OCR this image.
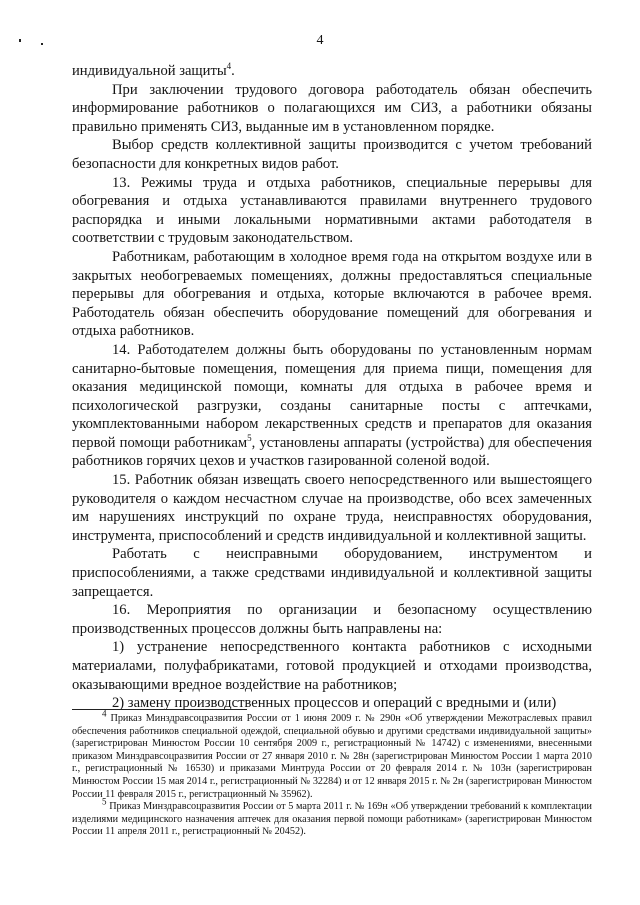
4

индивидуальной защиты$^4$.

При заключении трудового договора работодатель обязан обеспечить информирование работников о полагающихся им СИЗ, а работники обязаны правильно применять СИЗ, выданные им в установленном порядке.

Выбор средств коллективной защиты производится с учетом требований безопасности для конкретных видов работ.

13. Режимы труда и отдыха работников, специальные перерывы для обогревания и отдыха устанавливаются правилами внутреннего трудового распорядка и иными локальными нормативными актами работодателя в соответствии с трудовым законодательством.

Работникам, работающим в холодное время года на открытом воздухе или в закрытых необогреваемых помещениях, должны предоставляться специальные перерывы для обогревания и отдыха, которые включаются в рабочее время. Работодатель обязан обеспечить оборудование помещений для обогревания и отдыха работников.

14. Работодателем должны быть оборудованы по установленным нормам санитарно-бытовые помещения, помещения для приема пищи, помещения для оказания медицинской помощи, комнаты для отдыха в рабочее время и психологической разгрузки, созданы санитарные посты с аптечками, укомплектованными набором лекарственных средств и препаратов для оказания первой помощи работникам$^5$, установлены аппараты (устройства) для обеспечения работников горячих цехов и участков газированной соленой водой.

15. Работник обязан извещать своего непосредственного или вышестоящего руководителя о каждом несчастном случае на производстве, обо всех замеченных им нарушениях инструкций по охране труда, неисправностях оборудования, инструмента, приспособлений и средств индивидуальной и коллективной защиты.

Работать с неисправными оборудованием, инструментом и приспособлениями, а также средствами индивидуальной и коллективной защиты запрещается.

16. Мероприятия по организации и безопасному осуществлению производственных процессов должны быть направлены на:

1) устранение непосредственного контакта работников с исходными материалами, полуфабрикатами, готовой продукцией и отходами производства, оказывающими вредное воздействие на работников;

2) замену производственных процессов и операций с вредными и (или)

$^4$ Приказ Минздравсоцразвития России от 1 июня 2009 г. № 290н «Об утверждении Межотраслевых правил обеспечения работников специальной одеждой, специальной обувью и другими средствами индивидуальной защиты» (зарегистрирован Минюстом России 10 сентября 2009 г., регистрационный № 14742) с изменениями, внесенными приказом Минздравсоцразвития России от 27 января 2010 г. № 28н (зарегистрирован Минюстом России 1 марта 2010 г., регистрационный № 16530) и приказами Минтруда России от 20 февраля 2014 г. № 103н (зарегистрирован Минюстом России 15 мая 2014 г., регистрационный № 32284) и от 12 января 2015 г. № 2н (зарегистрирован Минюстом России 11 февраля 2015 г., регистрационный № 35962).

$^5$ Приказ Минздравсоцразвития России от 5 марта 2011 г. № 169н «Об утверждении требований к комплектации изделиями медицинского назначения аптечек для оказания первой помощи работникам» (зарегистрирован Минюстом России 11 апреля 2011 г., регистрационный № 20452).
